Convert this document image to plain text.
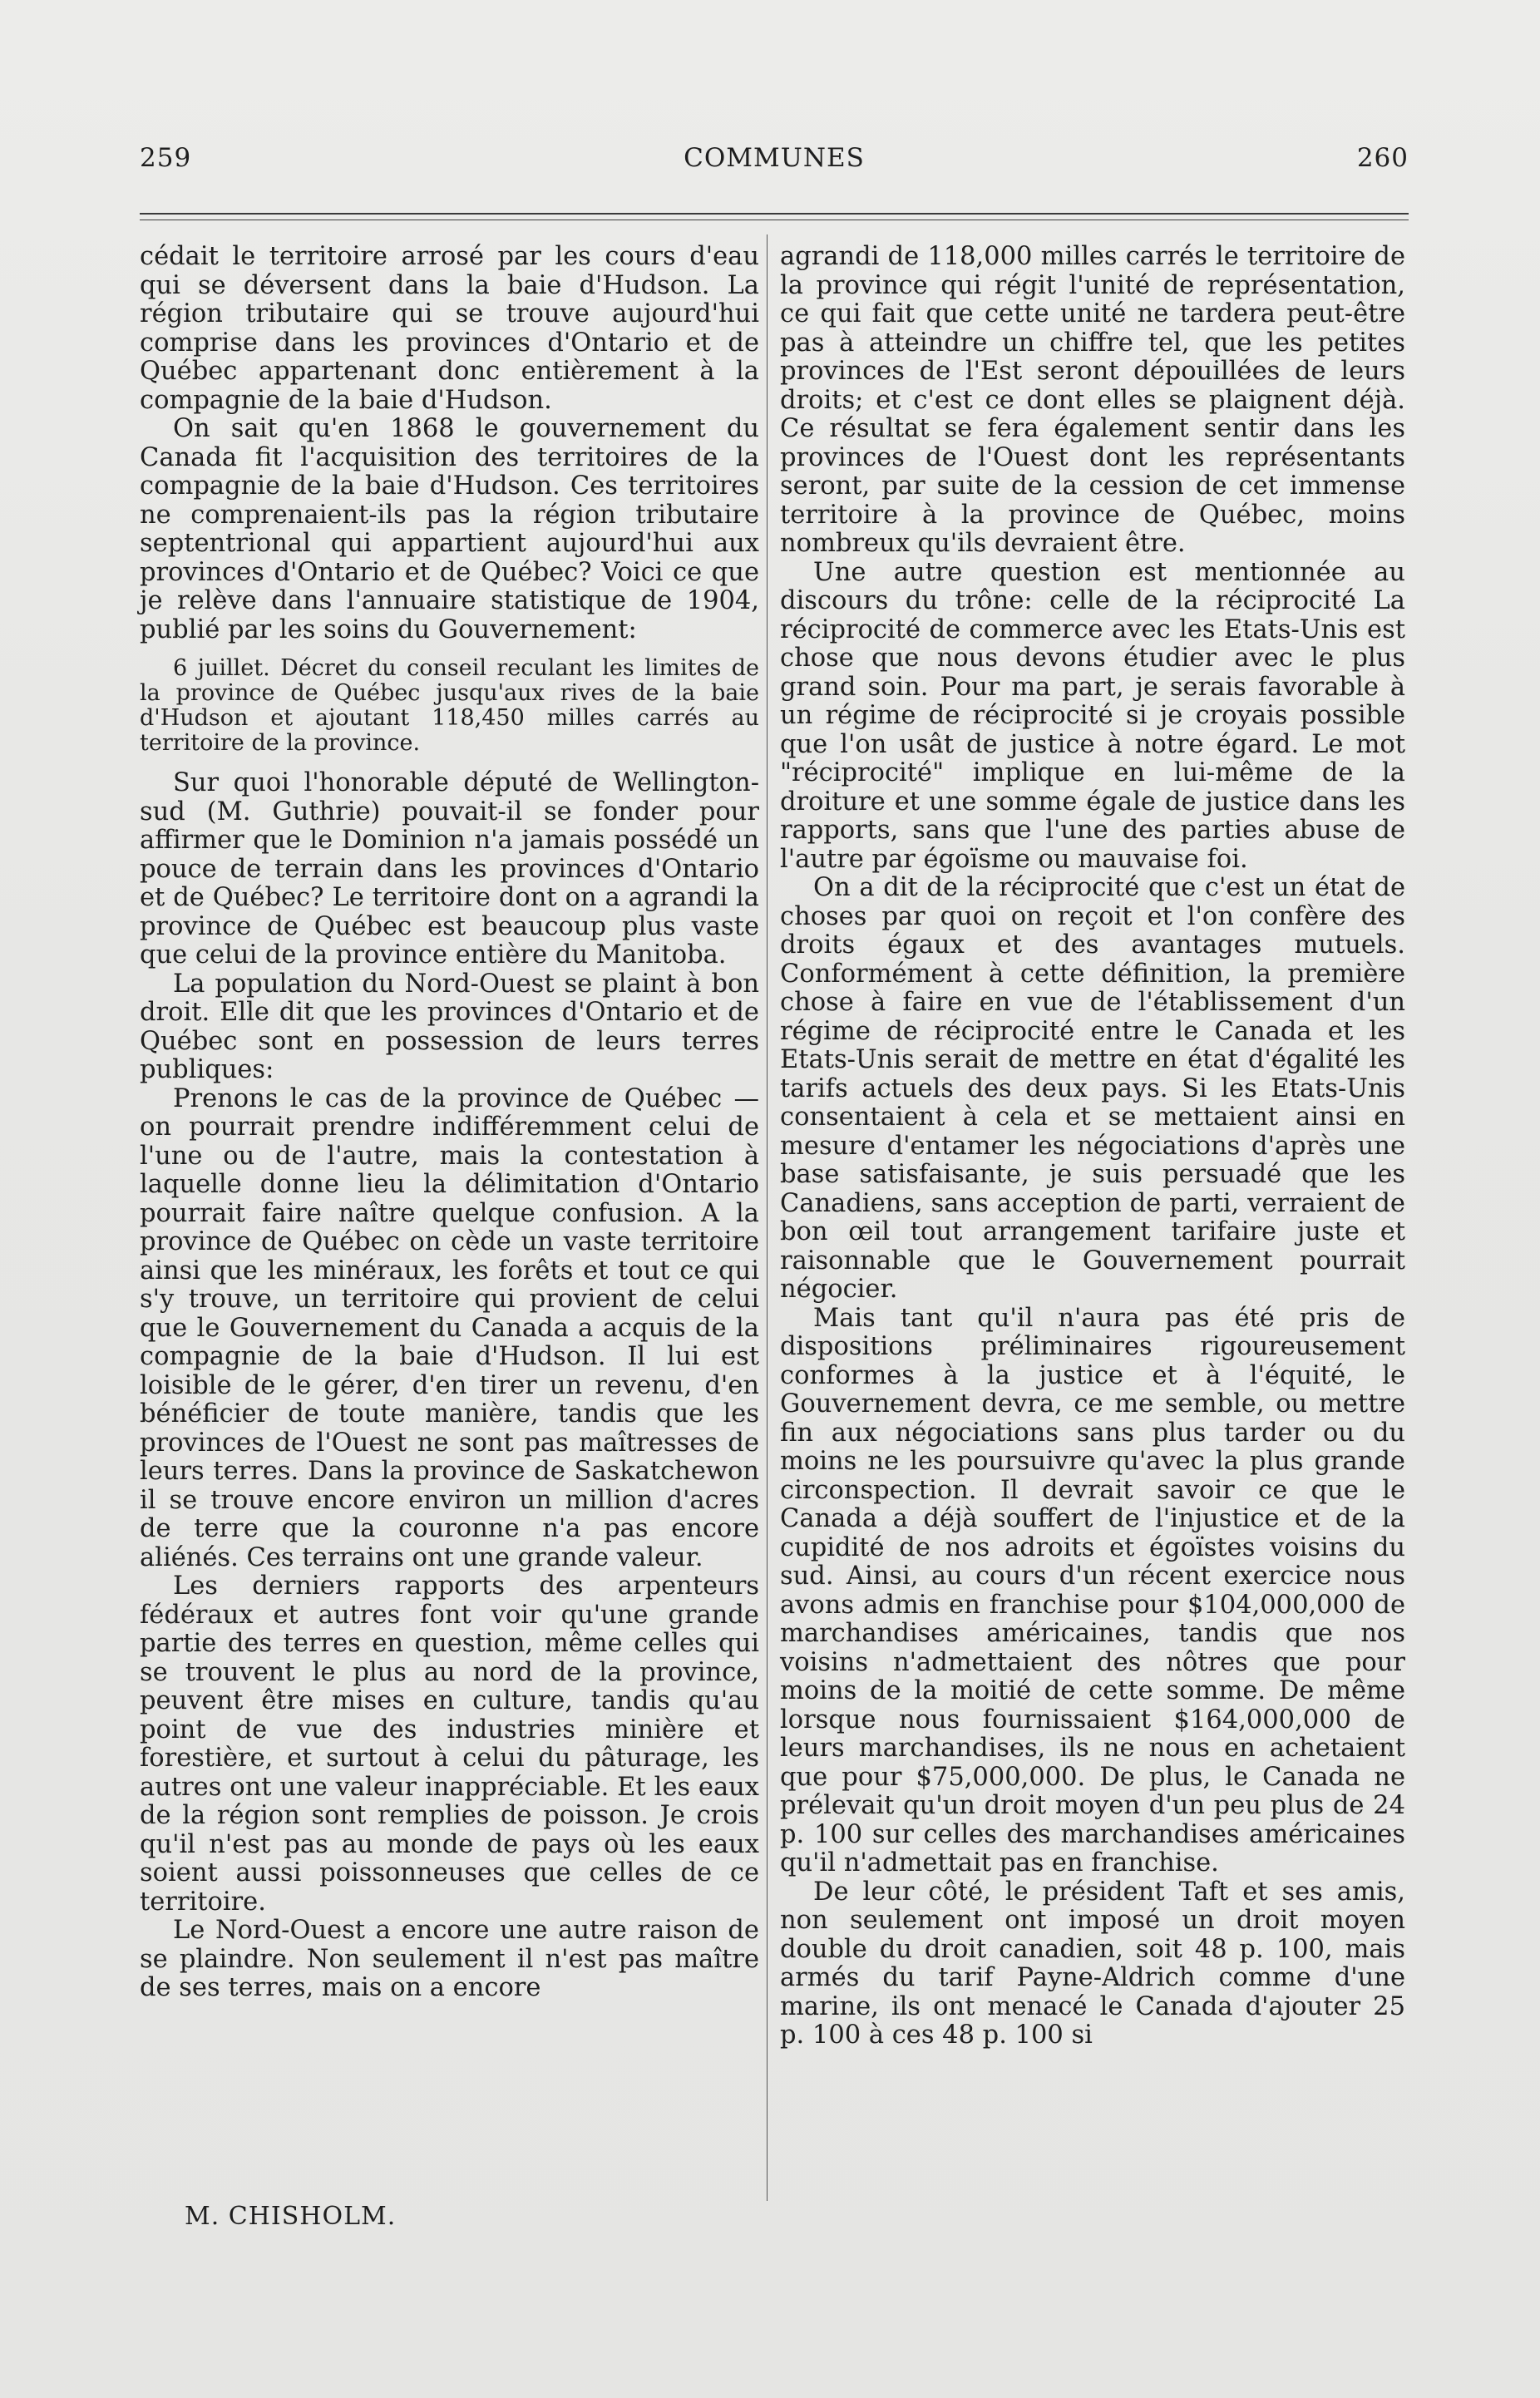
259	COMMUNES	260

cédait le territoire arrosé par les cours d'eau qui se déversent dans la baie d'Hudson. La région tributaire qui se trouve aujourd'hui comprise dans les provinces d'Ontario et de Québec appartenant donc entièrement à la compagnie de la baie d'Hudson.

On sait qu'en 1868 le gouvernement du Canada fit l'acquisition des territoires de la compagnie de la baie d'Hudson. Ces territoires ne comprenaient-ils pas la région tributaire septentrional qui appartient aujourd'hui aux provinces d'Ontario et de Québec? Voici ce que je relève dans l'annuaire statistique de 1904, publié par les soins du Gouvernement:

6 juillet. Décret du conseil reculant les limites de la province de Québec jusqu'aux rives de la baie d'Hudson et ajoutant 118,450 milles carrés au territoire de la province.

Sur quoi l'honorable député de Wellington-sud (M. Guthrie) pouvait-il se fonder pour affirmer que le Dominion n'a jamais possédé un pouce de terrain dans les provinces d'Ontario et de Québec? Le territoire dont on a agrandi la province de Québec est beaucoup plus vaste que celui de la province entière du Manitoba.

La population du Nord-Ouest se plaint à bon droit. Elle dit que les provinces d'Ontario et de Québec sont en possession de leurs terres publiques:

Prenons le cas de la province de Québec —on pourrait prendre indifféremment celui de l'une ou de l'autre, mais la contestation à laquelle donne lieu la délimitation d'Ontario pourrait faire naître quelque confusion. A la province de Québec on cède un vaste territoire ainsi que les minéraux, les forêts et tout ce qui s'y trouve, un territoire qui provient de celui que le Gouvernement du Canada a acquis de la compagnie de la baie d'Hudson. Il lui est loisible de le gérer, d'en tirer un revenu, d'en bénéficier de toute manière, tandis que les provinces de l'Ouest ne sont pas maîtresses de leurs terres. Dans la province de Saskatchewon il se trouve encore environ un million d'acres de terre que la couronne n'a pas encore aliénés. Ces terrains ont une grande valeur.

Les derniers rapports des arpenteurs fédéraux et autres font voir qu'une grande partie des terres en question, même celles qui se trouvent le plus au nord de la province, peuvent être mises en culture, tandis qu'au point de vue des industries minière et forestière, et surtout à celui du pâturage, les autres ont une valeur inappréciable. Et les eaux de la région sont remplies de poisson. Je crois qu'il n'est pas au monde de pays où les eaux soient aussi poissonneuses que celles de ce territoire.

Le Nord-Ouest a encore une autre raison de se plaindre. Non seulement il n'est pas maître de ses terres, mais on a encore

agrandi de 118,000 milles carrés le territoire de la province qui régit l'unité de représentation, ce qui fait que cette unité ne tardera peut-être pas à atteindre un chiffre tel, que les petites provinces de l'Est seront dépouillées de leurs droits; et c'est ce dont elles se plaignent déjà. Ce résultat se fera également sentir dans les provinces de l'Ouest dont les représentants seront, par suite de la cession de cet immense territoire à la province de Québec, moins nombreux qu'ils devraient être.

Une autre question est mentionnée au discours du trône: celle de la réciprocité La réciprocité de commerce avec les Etats-Unis est chose que nous devons étudier avec le plus grand soin. Pour ma part, je serais favorable à un régime de réciprocité si je croyais possible que l'on usât de justice à notre égard. Le mot "réciprocité" implique en lui-même de la droiture et une somme égale de justice dans les rapports, sans que l'une des parties abuse de l'autre par égoïsme ou mauvaise foi.

On a dit de la réciprocité que c'est un état de choses par quoi on reçoit et l'on confère des droits égaux et des avantages mutuels. Conformément à cette définition, la première chose à faire en vue de l'établissement d'un régime de réciprocité entre le Canada et les Etats-Unis serait de mettre en état d'égalité les tarifs actuels des deux pays. Si les Etats-Unis consentaient à cela et se mettaient ainsi en mesure d'entamer les négociations d'après une base satisfaisante, je suis persuadé que les Canadiens, sans acception de parti, verraient de bon œil tout arrangement tarifaire juste et raisonnable que le Gouvernement pourrait négocier.

Mais tant qu'il n'aura pas été pris de dispositions préliminaires rigoureusement conformes à la justice et à l'équité, le Gouvernement devra, ce me semble, ou mettre fin aux négociations sans plus tarder ou du moins ne les poursuivre qu'avec la plus grande circonspection. Il devrait savoir ce que le Canada a déjà souffert de l'injustice et de la cupidité de nos adroits et égoïstes voisins du sud. Ainsi, au cours d'un récent exercice nous avons admis en franchise pour $104,000,000 de marchandises américaines, tandis que nos voisins n'admettaient des nôtres que pour moins de la moitié de cette somme. De même lorsque nous fournissaient $164,000,000 de leurs marchandises, ils ne nous en achetaient que pour $75,000,000. De plus, le Canada ne prélevait qu'un droit moyen d'un peu plus de 24 p. 100 sur celles des marchandises américaines qu'il n'admettait pas en franchise.

De leur côté, le président Taft et ses amis, non seulement ont imposé un droit moyen double du droit canadien, soit 48 p. 100, mais armés du tarif Payne-Aldrich comme d'une marine, ils ont menacé le Canada d'ajouter 25 p. 100 à ces 48 p. 100 si

M. CHISHOLM.
